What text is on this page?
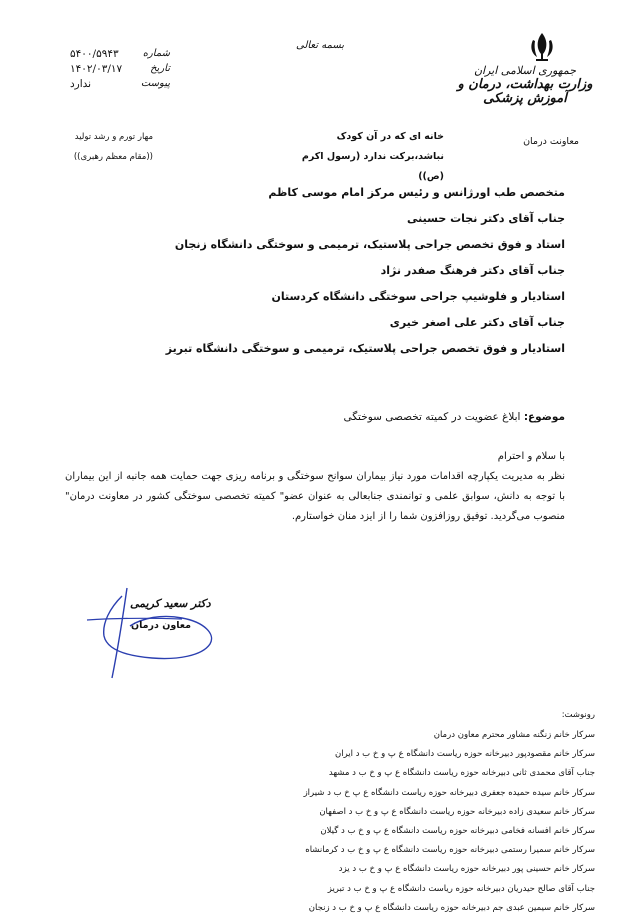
جمهوری اسلامی ایران
وزارت بهداشت، درمان و آموزش پزشکی
معاونت درمان
بسمه تعالی
شماره
۵۴۰۰/۵۹۴۳
تاریخ
۱۴۰۲/۰۳/۱۷
پیوست
ندارد
خانه ای که در آن کودک نباشد،برکت ندارد (رسول اکرم (ص))
مهار تورم و رشد تولید
((مقام معظم رهبری))
متخصص طب اورژانس و رئیس مرکز امام موسی کاظم
جناب آقای دکتر نجات حسینی
استاد و فوق تخصص جراحی پلاستیک، ترمیمی و سوختگی دانشگاه زنجان
جناب آقای دکتر فرهنگ صفدر نژاد
استادیار و فلوشیپ جراحی سوختگی دانشگاه کردستان
جناب آقای دکتر علی اصغر خیری
استادیار و فوق تخصص جراحی پلاستیک، ترمیمی و سوختگی دانشگاه تبریز
موضوع: ابلاغ عضویت در کمیته تخصصی سوختگی
با سلام و احترام
نظر به مدیریت یکپارچه اقدامات مورد نیاز بیماران سوانح سوختگی و برنامه ریزی جهت حمایت همه جانبه از این بیماران با توجه به دانش، سوابق علمی و توانمندی جنابعالی به عنوان عضو" کمیته تخصصی سوختگی کشور در معاونت درمان" منصوب می‌گردید. توفیق روزافزون شما را از ایزد منان خواستارم.
دکتر سعید کریمی
معاون درمان
رونوشت:
سرکار خانم زنگنه مشاور محترم معاون درمان
سرکار خانم مقصودپور دبیرخانه حوزه ریاست دانشگاه ع پ و خ ب د ایران
جناب آقای محمدی ثانی دبیرخانه حوزه ریاست دانشگاه ع پ و خ ب د مشهد
سرکار خانم سیده حمیده جعفری دبیرخانه حوزه ریاست دانشگاه ع پ خ ب د شیراز
سرکار خانم سعیدی زاده دبیرخانه حوزه ریاست دانشگاه ع پ و خ ب د اصفهان
سرکار خانم افسانه فخامی دبیرخانه حوزه ریاست دانشگاه ع پ و خ ب د گیلان
سرکار خانم سمیرا رستمی دبیرخانه حوزه ریاست دانشگاه ع پ و خ ب د کرمانشاه
سرکار خانم حسینی پور دبیرخانه حوزه ریاست دانشگاه ع پ و خ ب د یزد
جناب آقای صالح حیدریان دبیرخانه حوزه ریاست دانشگاه ع پ و خ ب د تبریز
سرکار خانم سیمین عبدی جم دبیرخانه حوزه ریاست دانشگاه ع پ و خ ب د زنجان
